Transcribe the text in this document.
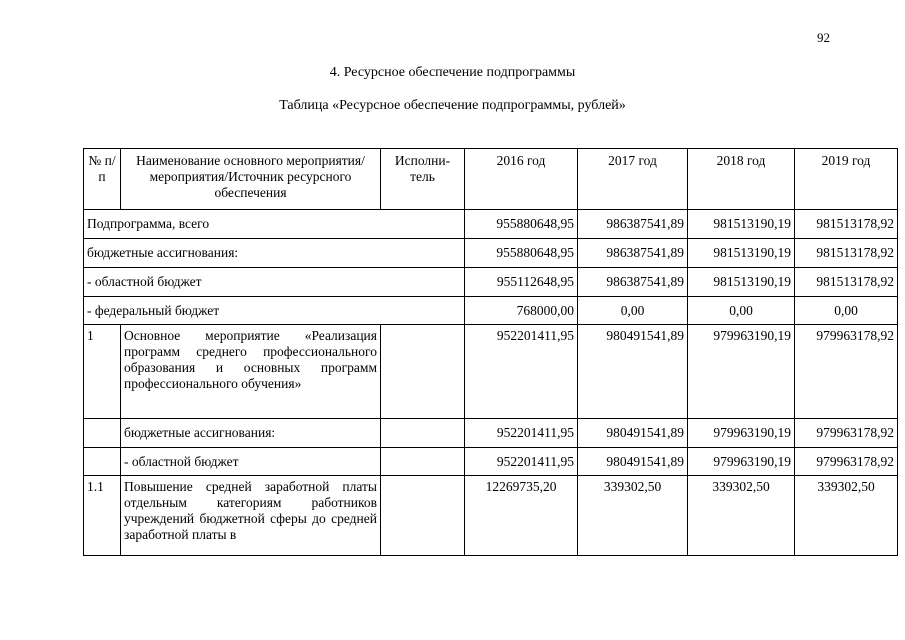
92
4. Ресурсное обеспечение подпрограммы
Таблица «Ресурсное обеспечение подпрограммы, рублей»
№ п/п	Наименование основного мероприятия/мероприятия/Источник ресурсного обеспечения	Исполни-тель	2016 год	2017 год	2018 год	2019 год
Подпрограмма, всего			955880648,95	986387541,89	981513190,19	981513178,92
бюджетные ассигнования:			955880648,95	986387541,89	981513190,19	981513178,92
- областной бюджет			955112648,95	986387541,89	981513190,19	981513178,92
- федеральный бюджет			768000,00	0,00	0,00	0,00
1	Основное мероприятие «Реализация программ среднего профессионального образования и основных программ профессионального обучения»		952201411,95	980491541,89	979963190,19	979963178,92
	бюджетные ассигнования:		952201411,95	980491541,89	979963190,19	979963178,92
	- областной бюджет		952201411,95	980491541,89	979963190,19	979963178,92
1.1	Повышение средней заработной платы отдельным категориям работников учреждений бюджетной сферы до средней заработной платы в		12269735,20	339302,50	339302,50	339302,50
